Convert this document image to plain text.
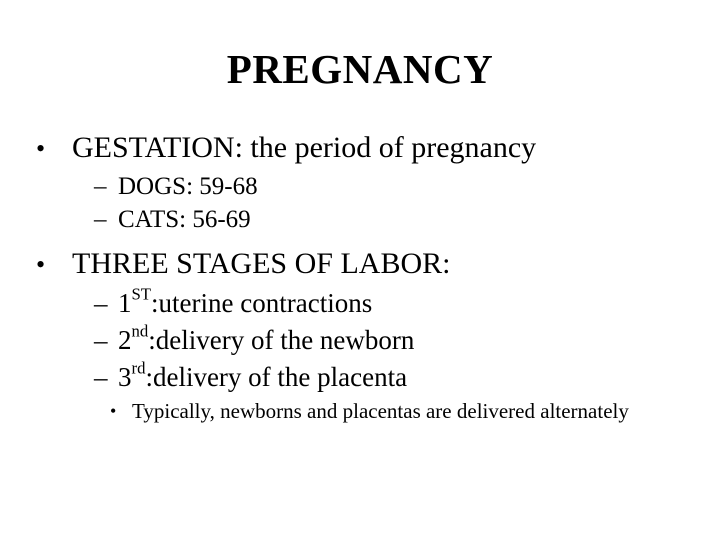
PREGNANCY
• GESTATION: the period of pregnancy
– DOGS: 59-68
– CATS: 56-69
• THREE STAGES OF LABOR:
– 1ST:uterine contractions
– 2nd:delivery of the newborn
– 3rd:delivery of the placenta
• Typically, newborns and placentas are delivered alternately
